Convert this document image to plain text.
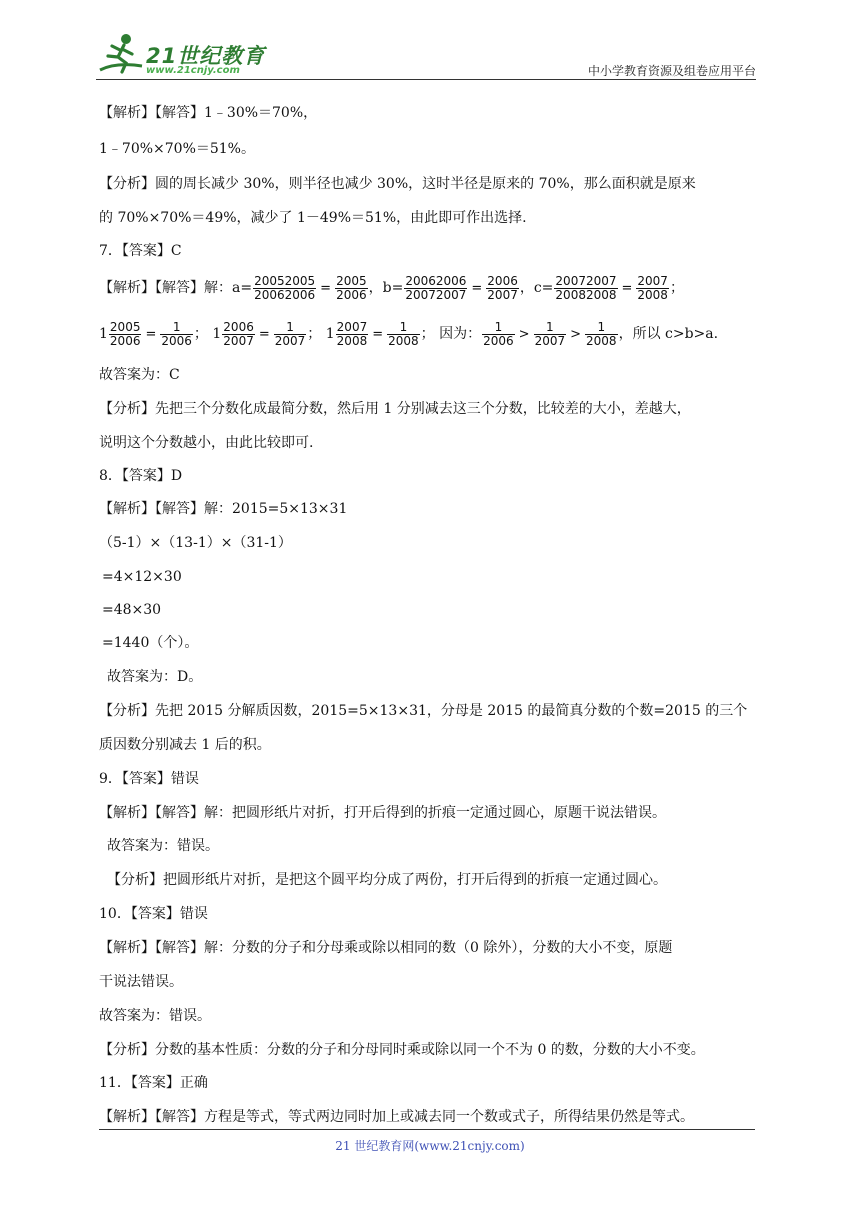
21世纪教育
www.21cnjy.com	中小学教育资源及组卷应用平台
【解析】【解答】1﹣30%＝70%，
1﹣70%×70%＝51%。
【分析】圆的周长减少 30%，则半径也减少 30%，这时半径是原来的 70%，那么面积就是原来
的 70%×70%＝49%，减少了 1－49%＝51%，由此即可作出选择.
7．【答案】C
【解析】【解答】解：$a= \frac{20052005}{20062006} = \frac{2005}{2006}$ ，$b= \frac{20062006}{20072007} = \frac{2006}{2007}$ ，$c= \frac{20072007}{20082008} = \frac{2007}{2008}$ ；
$1 \frac{2005}{2006} = \frac{1}{2006}$ ； $1 \frac{2006}{2007} = \frac{1}{2007}$ ； $1 \frac{2007}{2008} = \frac{1}{2008}$ ； 因为： $\frac{1}{2006} > \frac{1}{2007} > \frac{1}{2008}$ ，所以 c>b>a.
故答案为：C
【分析】先把三个分数化成最简分数，然后用 1 分别减去这三个分数，比较差的大小，差越大，
说明这个分数越小，由此比较即可.
8．【答案】D
【解析】【解答】解：2015=5×13×31
（5-1）×（13-1）×（31-1）
=4×12×30
=48×30
=1440（个）。
故答案为：D。
【分析】先把 2015 分解质因数，2015=5×13×31，分母是 2015 的最简真分数的个数=2015 的三个
质因数分别减去 1 后的积。
9．【答案】错误
【解析】【解答】解：把圆形纸片对折，打开后得到的折痕一定通过圆心，原题干说法错误。
故答案为：错误。
【分析】把圆形纸片对折，是把这个圆平均分成了两份，打开后得到的折痕一定通过圆心。
10．【答案】错误
【解析】【解答】解：分数的分子和分母乘或除以相同的数（0 除外），分数的大小不变，原题
干说法错误。
故答案为：错误。
【分析】分数的基本性质：分数的分子和分母同时乘或除以同一个不为 0 的数，分数的大小不变。
11．【答案】正确
【解析】【解答】方程是等式，等式两边同时加上或减去同一个数或式子，所得结果仍然是等式。
21 世纪教育网(www.21cnjy.com)
